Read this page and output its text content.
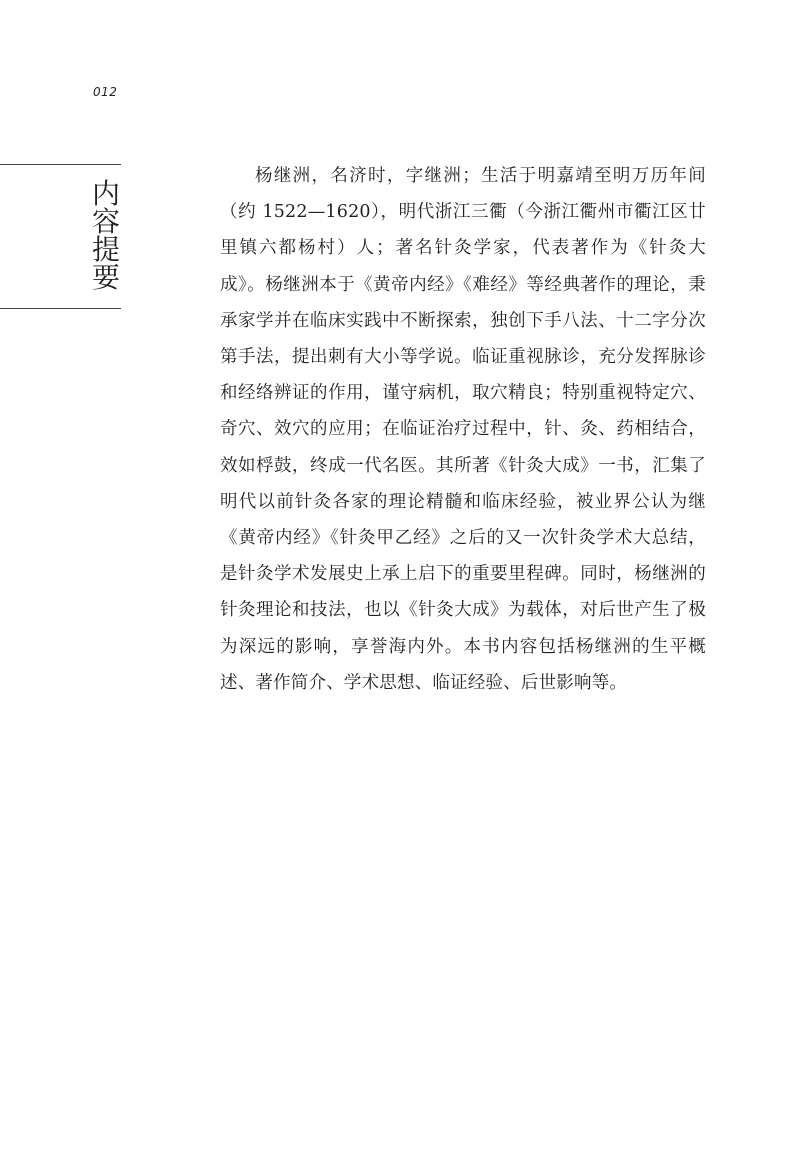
012
内
容
提
要

杨继洲，名济时，字继洲；生活于明嘉靖至明万历年间（约 1522—1620），明代浙江三衢（今浙江衢州市衢江区廿里镇六都杨村）人；著名针灸学家，代表著作为《针灸大成》。杨继洲本于《黄帝内经》《难经》等经典著作的理论，秉承家学并在临床实践中不断探索，独创下手八法、十二字分次第手法，提出刺有大小等学说。临证重视脉诊，充分发挥脉诊和经络辨证的作用，谨守病机，取穴精良；特别重视特定穴、奇穴、效穴的应用；在临证治疗过程中，针、灸、药相结合，效如桴鼓，终成一代名医。其所著《针灸大成》一书，汇集了明代以前针灸各家的理论精髓和临床经验，被业界公认为继《黄帝内经》《针灸甲乙经》之后的又一次针灸学术大总结，是针灸学术发展史上承上启下的重要里程碑。同时，杨继洲的针灸理论和技法，也以《针灸大成》为载体，对后世产生了极为深远的影响，享誉海内外。本书内容包括杨继洲的生平概述、著作简介、学术思想、临证经验、后世影响等。
